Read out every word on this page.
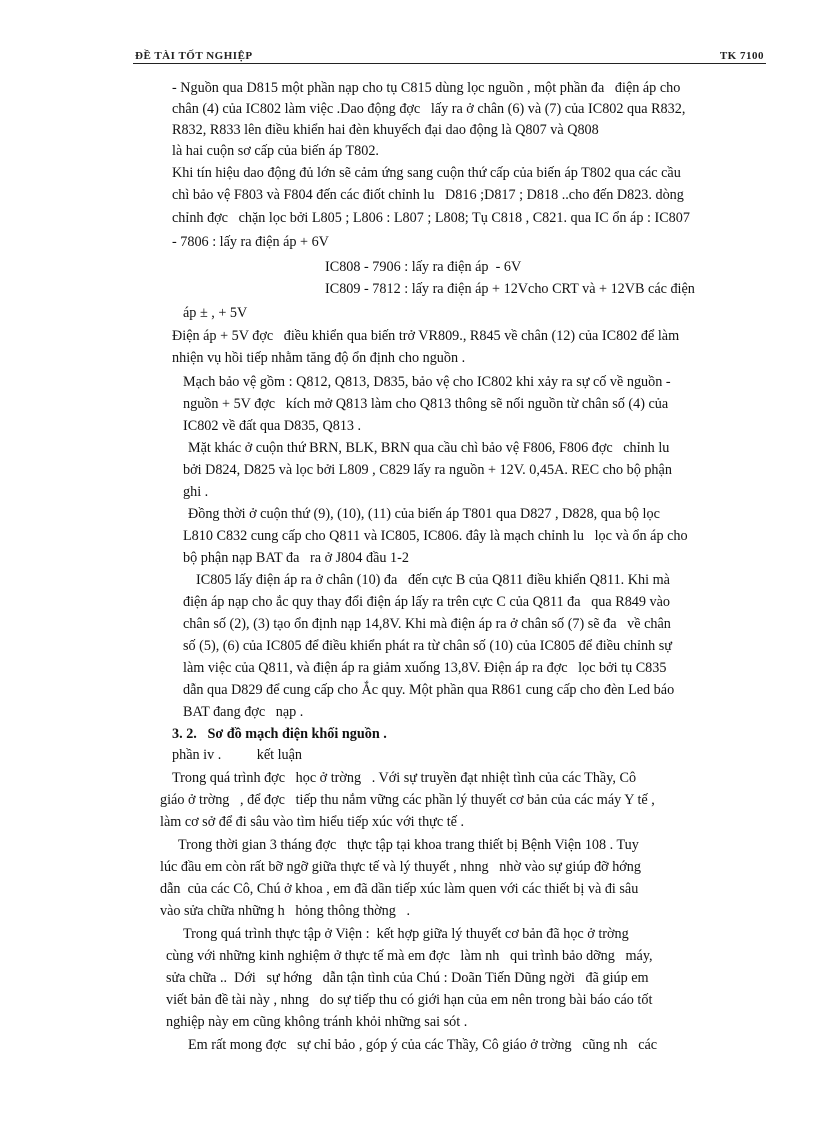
ĐỀ TÀI TỐT NGHIỆP	TK 7100
- Nguồn qua D815 một phần nạp cho tụ C815 dùng lọc nguồn , một phần đa   điện áp cho
chân (4) của IC802 làm việc .Dao động đợc   lấy ra ở chân (6) và (7) của IC802 qua R832,
R832, R833 lên điều khiển hai đèn khuyếch đại dao động là Q807 và Q808
là hai cuộn sơ cấp của biến áp T802.
Khi tín hiệu dao động đủ lớn sẽ cảm ứng sang cuộn thứ cấp của biến áp T802 qua các cầu
chì bảo vệ F803 và F804 đến các điốt chỉnh lu   D816 ;D817 ; D818 ..cho đến D823. dòng
chỉnh đợc   chặn lọc bởi L805 ; L806 : L807 ; L808; Tụ C818 , C821. qua IC ổn áp : IC807
- 7806 : lấy ra điện áp + 6V
IC808 - 7906 : lấy ra điện áp  - 6V
IC809 - 7812 : lấy ra điện áp + 12Vcho CRT và + 12VB các điện
áp ± , + 5V
Điện áp + 5V đợc   điều khiển qua biến trở VR809., R845 về chân (12) của IC802 để làm
nhiện vụ hồi tiếp nhằm tăng độ ổn định cho nguồn .
Mạch bảo vệ gồm : Q812, Q813, D835, bảo vệ cho IC802 khi xảy ra sự cố về nguồn -
nguồn + 5V đợc   kích mở Q813 làm cho Q813 thông sẽ nối nguồn từ chân số (4) của
IC802 về đất qua D835, Q813 .
Mặt khác ở cuộn thứ BRN, BLK, BRN qua cầu chì bảo vệ F806, F806 đợc   chỉnh lu
bởi D824, D825 và lọc bởi L809 , C829 lấy ra nguồn + 12V. 0,45A. REC cho bộ phận
ghi .
Đồng thời ở cuộn thứ (9), (10), (11) của biến áp T801 qua D827 , D828, qua bộ lọc
L810 C832 cung cấp cho Q811 và IC805, IC806. đây là mạch chỉnh lu   lọc và ổn áp cho
bộ phận nạp BAT đa   ra ở J804 đầu 1-2
IC805 lấy điện áp ra ở chân (10) đa   đến cực B của Q811 điều khiển Q811. Khi mà
điện áp nạp cho ắc quy thay đổi điện áp lấy ra trên cực C của Q811 đa   qua R849 vào
chân số (2), (3) tạo ổn định nạp 14,8V. Khi mà điện áp ra ở chân số (7) sẽ đa   về chân
số (5), (6) của IC805 để điều khiển phát ra từ chân số (10) của IC805 để điều chỉnh sự
làm việc của Q811, và điện áp ra giảm xuống 13,8V. Điện áp ra đợc   lọc bởi tụ C835
dẫn qua D829 để cung cấp cho Ắc quy. Một phần qua R861 cung cấp cho đèn Led báo
BAT đang đợc   nạp .
3. 2.   Sơ đồ mạch điện khối nguồn .
phần iv .          kết luận
Trong quá trình đợc   học ở trờng   . Với sự truyền đạt nhiệt tình của các Thầy, Cô
giáo ở trờng   , để đợc   tiếp thu nắm vững các phần lý thuyết cơ bản của các máy Y tế ,
làm cơ sở để đi sâu vào tìm hiểu tiếp xúc với thực tế .
Trong thời gian 3 tháng đợc   thực tập tại khoa trang thiết bị Bệnh Viện 108 . Tuy
lúc đầu em còn rất bỡ ngỡ giữa thực tế và lý thuyết , nhng   nhờ vào sự giúp đỡ hớng
dẫn  của các Cô, Chú ở khoa , em đã dần tiếp xúc làm quen với các thiết bị và đi sâu
vào sửa chữa những h   hỏng thông thờng   .
Trong quá trình thực tập ở Viện :  kết hợp giữa lý thuyết cơ bản đã học ở trờng
cùng với những kinh nghiệm ở thực tế mà em đợc   làm nh   qui trình bảo dỡng   máy,
sửa chữa ..  Dới   sự hớng   dẫn tận tình của Chú : Doãn Tiến Dũng ngời   đã giúp em
viết bản đề tài này , nhng   do sự tiếp thu có giới hạn của em nên trong bài báo cáo tốt
nghiệp này em cũng không tránh khỏi những sai sót .
Em rất mong đợc   sự chỉ bảo , góp ý của các Thầy, Cô giáo ở trờng   cũng nh   các
